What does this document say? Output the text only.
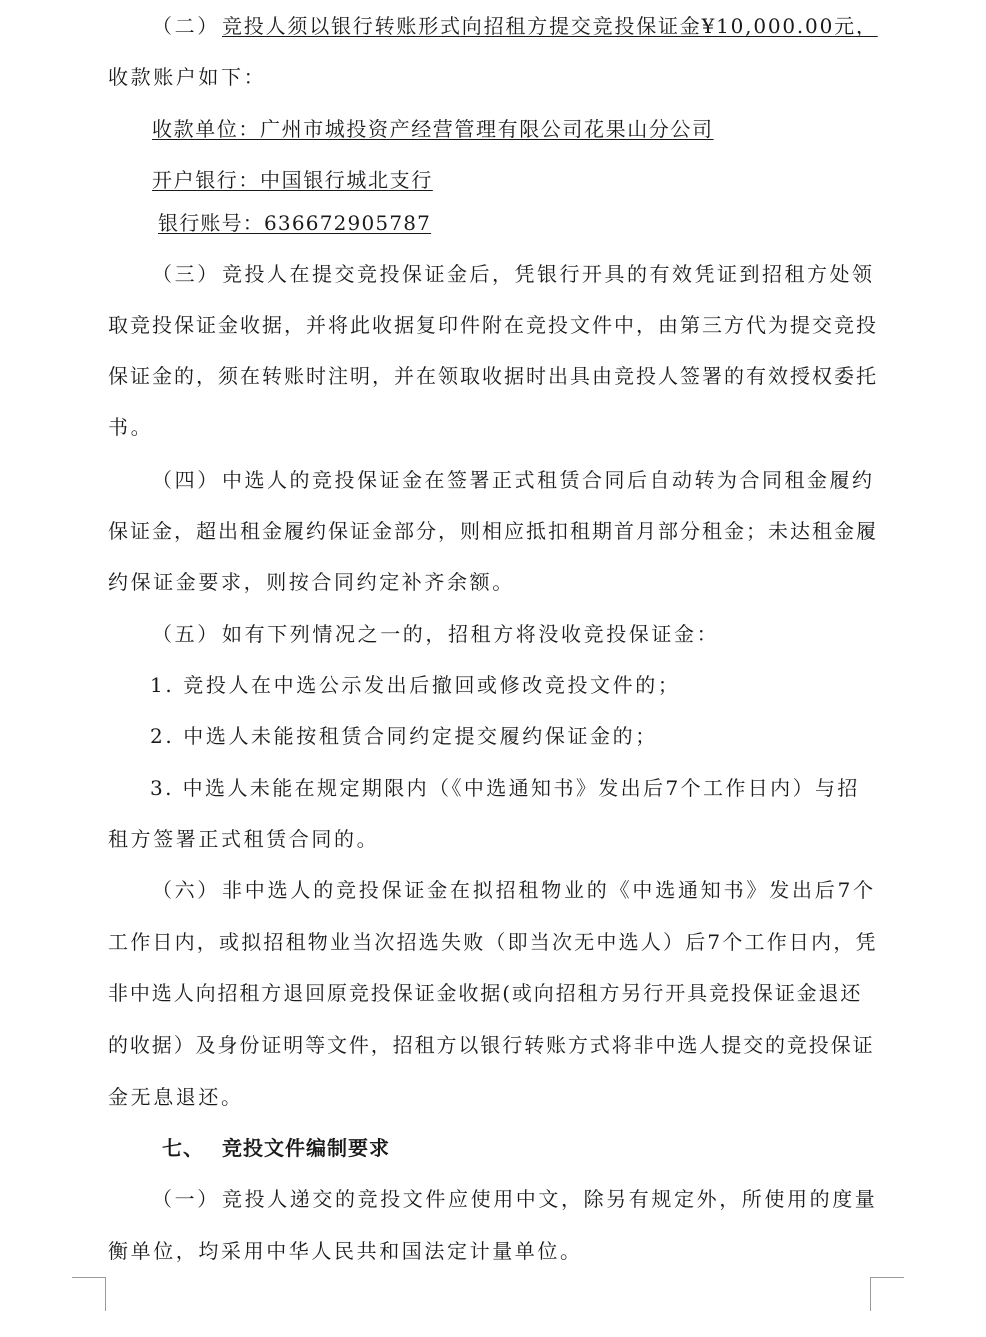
（二） 竞投人须以银行转账形式向招租方提交竞投保证金¥10,000.00元，
收款账户如下：
收款单位：广州市城投资产经营管理有限公司花果山分公司
开户银行：中国银行城北支行
银行账号：636672905787
（三） 竞投人在提交竞投保证金后，凭银行开具的有效凭证到招租方处领
取竞投保证金收据，并将此收据复印件附在竞投文件中，由第三方代为提交竞投
保证金的，须在转账时注明，并在领取收据时出具由竞投人签署的有效授权委托
书。
（四） 中选人的竞投保证金在签署正式租赁合同后自动转为合同租金履约
保证金，超出租金履约保证金部分，则相应抵扣租期首月部分租金；未达租金履
约保证金要求，则按合同约定补齐余额。
（五） 如有下列情况之一的，招租方将没收竞投保证金：
1. 竞投人在中选公示发出后撤回或修改竞投文件的；
2. 中选人未能按租赁合同约定提交履约保证金的；
3. 中选人未能在规定期限内（《中选通知书》发出后7个工作日内）与招
租方签署正式租赁合同的。
（六） 非中选人的竞投保证金在拟招租物业的《中选通知书》发出后7个
工作日内，或拟招租物业当次招选失败（即当次无中选人）后7个工作日内，凭
非中选人向招租方退回原竞投保证金收据(或向招租方另行开具竞投保证金退还
的收据）及身份证明等文件，招租方以银行转账方式将非中选人提交的竞投保证
金无息退还。
七、 竞投文件编制要求
（一） 竞投人递交的竞投文件应使用中文，除另有规定外，所使用的度量
衡单位，均采用中华人民共和国法定计量单位。
